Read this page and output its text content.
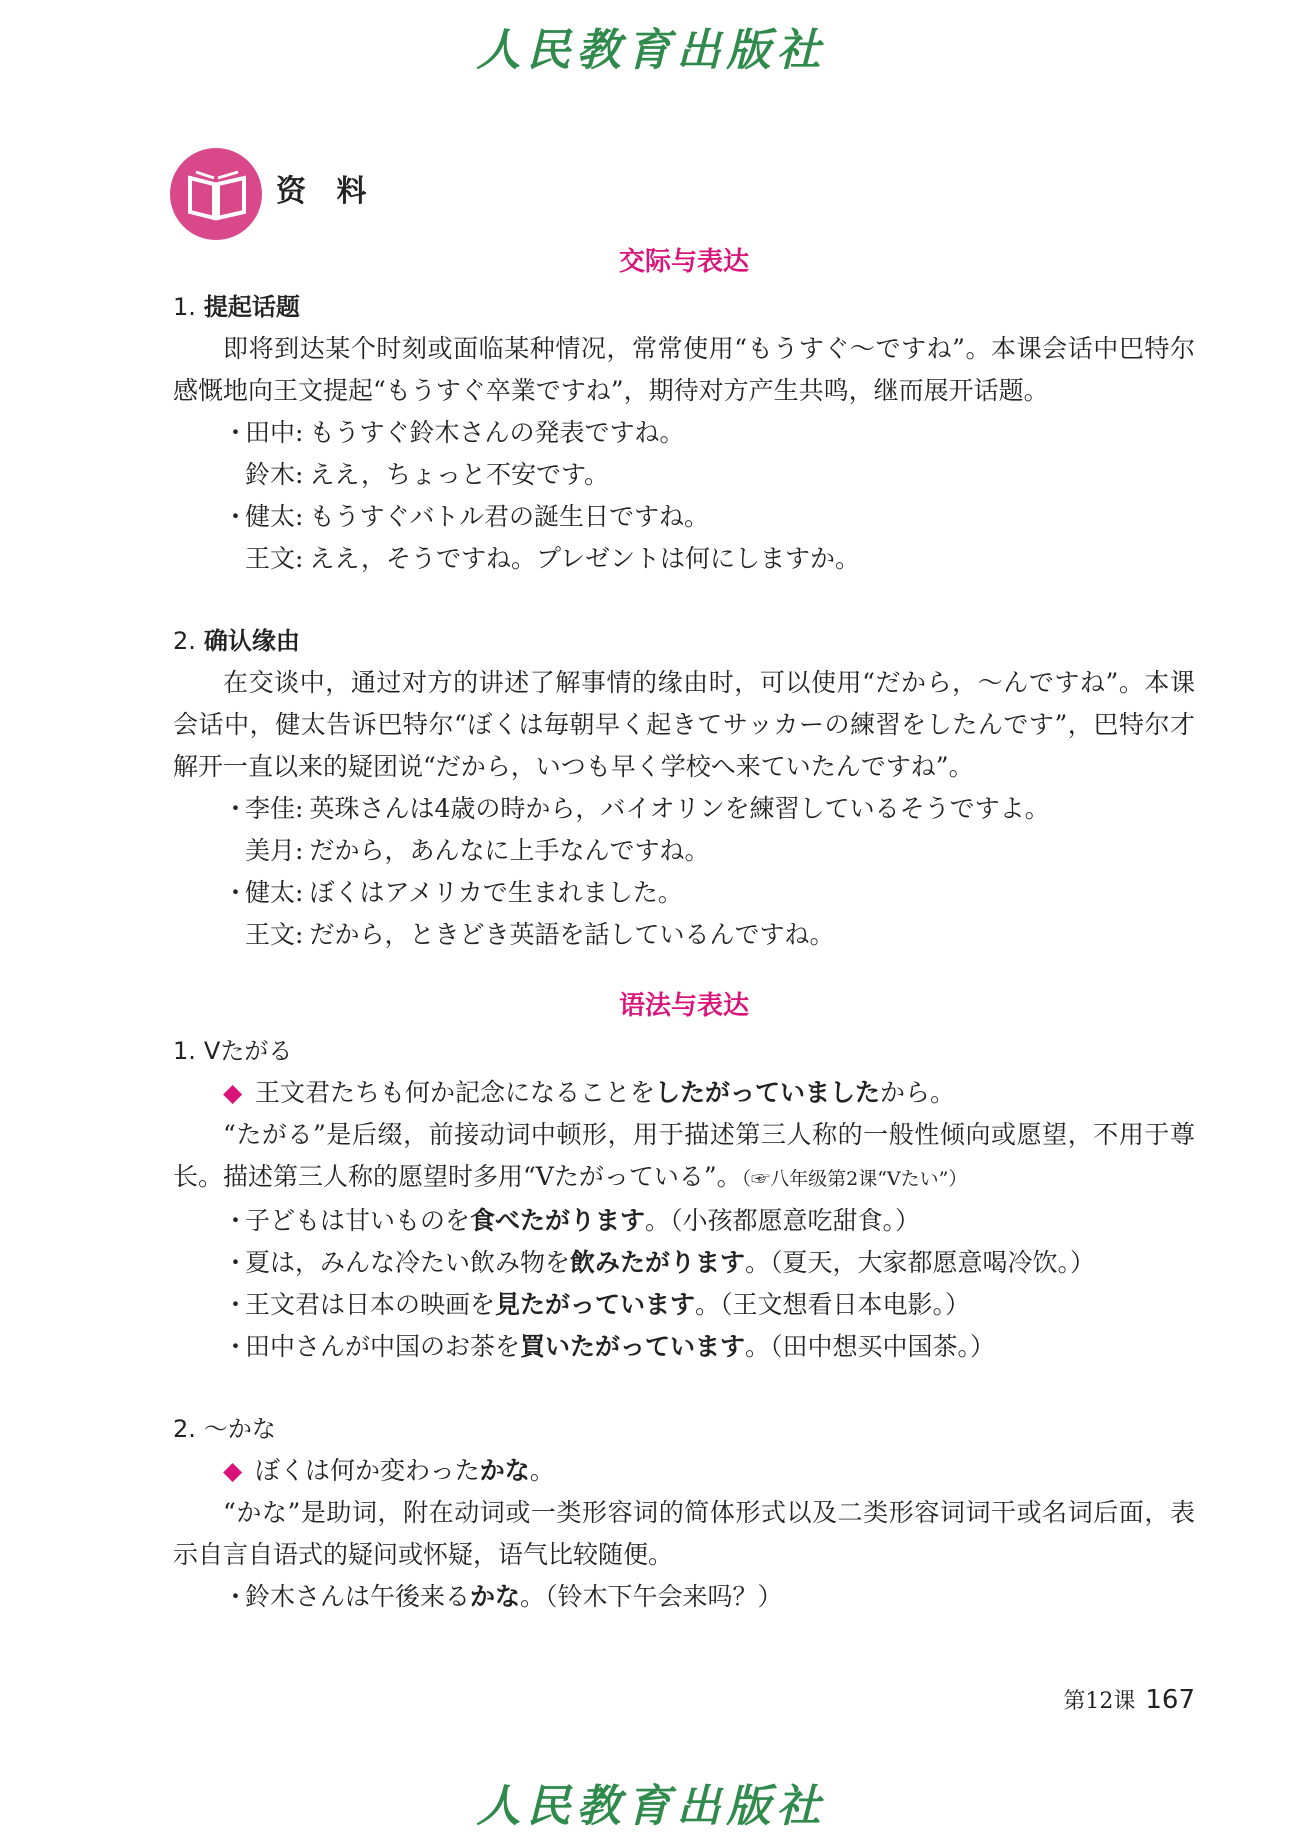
人民教育出版社
资 料
交际与表达
1. 提起话题

即将到达某个时刻或面临某种情况，常常使用“もうすぐ～ですね”。本课会话中巴特尔感慨地向王文提起“もうすぐ卒業ですね”，期待对方产生共鸣，继而展开话题。

・田中: もうすぐ鈴木さんの発表ですね。
鈴木: ええ，ちょっと不安です。
・健太: もうすぐバトル君の誕生日ですね。
王文: ええ，そうですね。プレゼントは何にしますか。
2. 确认缘由

在交谈中，通过对方的讲述了解事情的缘由时，可以使用“だから，～んですね”。本课会话中，健太告诉巴特尔“ぼくは毎朝早く起きてサッカーの練習をしたんです”，巴特尔才解开一直以来的疑团说“だから，いつも早く学校へ来ていたんですね”。

・李佳: 英珠さんは4歳の時から，バイオリンを練習しているそうですよ。
美月: だから，あんなに上手なんですね。
・健太: ぼくはアメリカで生まれました。
王文: だから，ときどき英語を話しているんですね。
语法与表达
1. Vたがる
◆ 王文君たちも何か記念になることをしたがっていましたから。

“たがる”是后缀，前接动词中顿形，用于描述第三人称的一般性倾向或愿望，不用于尊长。描述第三人称的愿望时多用“Vたがっている”。（☞八年级第2课“Vたい”）

・子どもは甘いものを食べたがります。（小孩都愿意吃甜食。）
・夏は，みんな冷たい飲み物を飲みたがります。（夏天，大家都愿意喝冷饮。）
・王文君は日本の映画を見たがっています。（王文想看日本电影。）
・田中さんが中国のお茶を買いたがっています。（田中想买中国茶。）
2. ～かな
◆ ぼくは何か変わったかな。

“かな”是助词，附在动词或一类形容词的简体形式以及二类形容词词干或名词后面，表示自言自语式的疑问或怀疑，语气比较随便。

・鈴木さんは午後来るかな。（铃木下午会来吗？）
第12课 167
人民教育出版社
